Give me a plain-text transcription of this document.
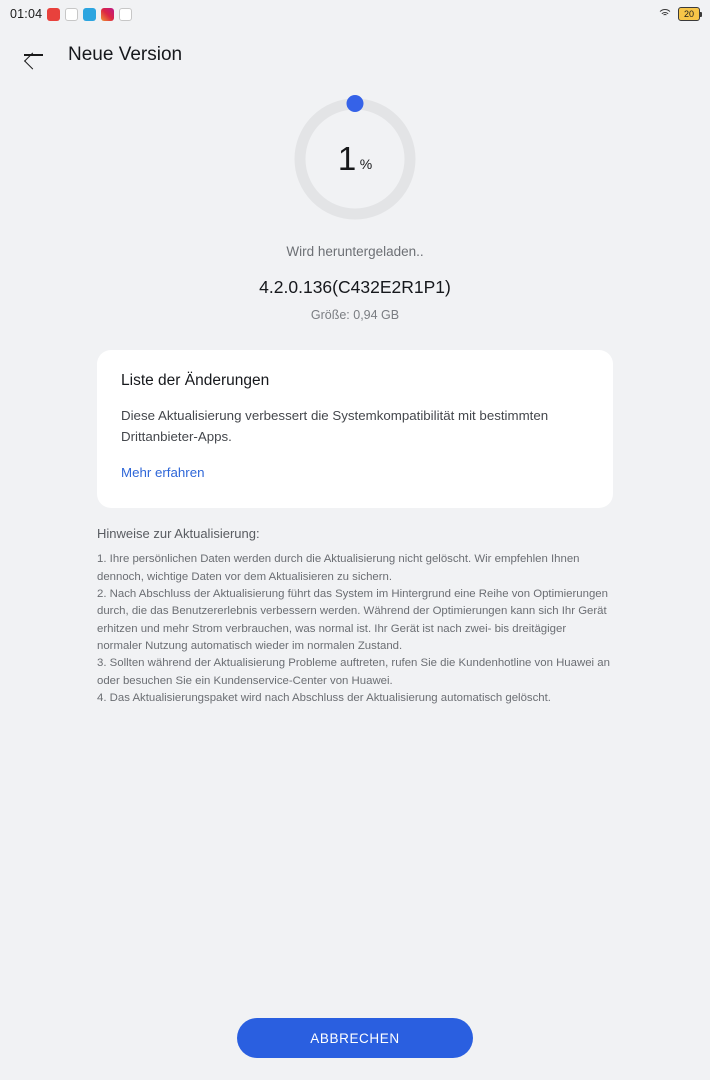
01:04	20
Neue Version
1 %
Wird heruntergeladen..
4.2.0.136(C432E2R1P1)
Größe: 0,94 GB
Liste der Änderungen
Diese Aktualisierung verbessert die Systemkompatibilität mit bestimmten Drittanbieter-Apps.
Mehr erfahren
Hinweise zur Aktualisierung:

1. Ihre persönlichen Daten werden durch die Aktualisierung nicht gelöscht. Wir empfehlen Ihnen dennoch, wichtige Daten vor dem Aktualisieren zu sichern.

2. Nach Abschluss der Aktualisierung führt das System im Hintergrund eine Reihe von Optimierungen durch, die das Benutzererlebnis verbessern werden. Während der Optimierungen kann sich Ihr Gerät erhitzen und mehr Strom verbrauchen, was normal ist. Ihr Gerät ist nach zwei- bis dreitägiger normaler Nutzung automatisch wieder im normalen Zustand.

3. Sollten während der Aktualisierung Probleme auftreten, rufen Sie die Kundenhotline von Huawei an oder besuchen Sie ein Kundenservice-Center von Huawei.

4. Das Aktualisierungspaket wird nach Abschluss der Aktualisierung automatisch gelöscht.

ABBRECHEN
